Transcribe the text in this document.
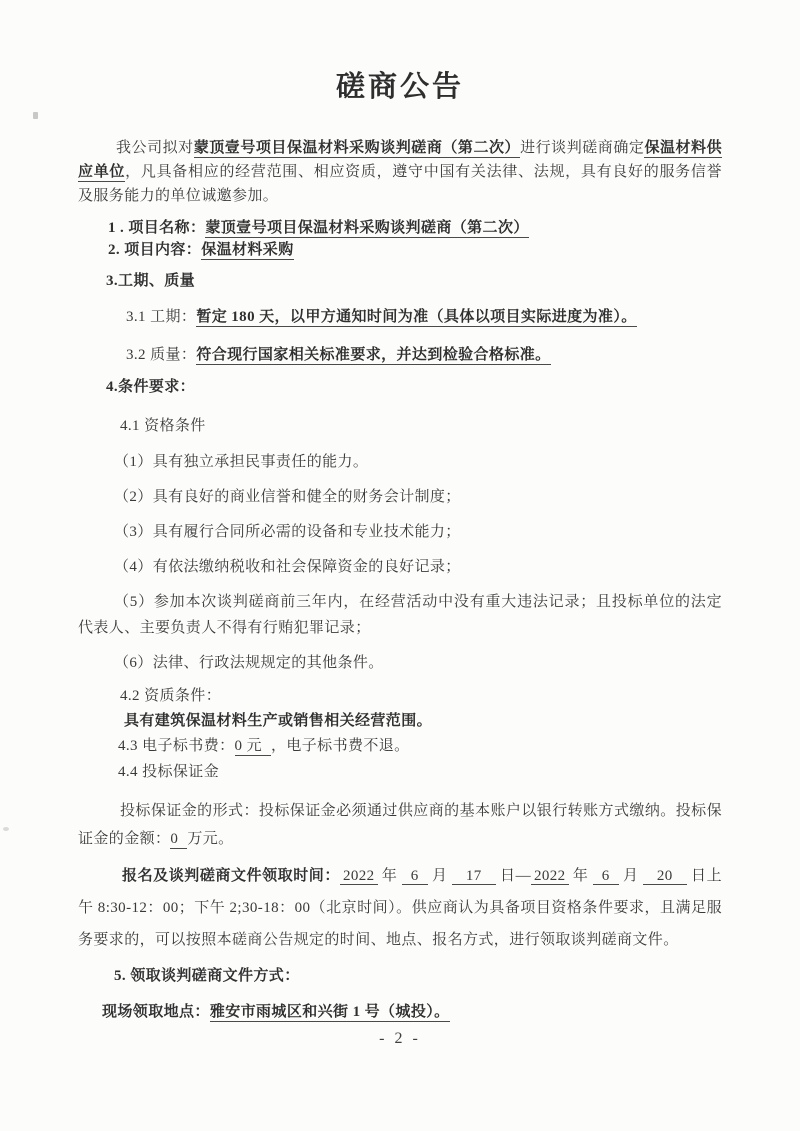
磋商公告

我公司拟对蒙顶壹号项目保温材料采购谈判磋商（第二次）进行谈判磋商确定保温材料供应单位，凡具备相应的经营范围、相应资质，遵守中国有关法律、法规，具有良好的服务信誉及服务能力的单位诚邀参加。

1 . 项目名称：蒙顶壹号项目保温材料采购谈判磋商（第二次）

2. 项目内容：保温材料采购

3.工期、质量

3.1 工期：暂定 180 天，以甲方通知时间为准（具体以项目实际进度为准）。

3.2 质量：符合现行国家相关标准要求，并达到检验合格标准。

4.条件要求：

4.1 资格条件

（1）具有独立承担民事责任的能力。

（2）具有良好的商业信誉和健全的财务会计制度；

（3）具有履行合同所必需的设备和专业技术能力；

（4）有依法缴纳税收和社会保障资金的良好记录；

（5）参加本次谈判磋商前三年内，在经营活动中没有重大违法记录；且投标单位的法定代表人、主要负责人不得有行贿犯罪记录；

（6）法律、行政法规规定的其他条件。

4.2 资质条件：

具有建筑保温材料生产或销售相关经营范围。

4.3 电子标书费：0 元 ，电子标书费不退。

4.4 投标保证金

投标保证金的形式：投标保证金必须通过供应商的基本账户以银行转账方式缴纳。投标保证金的金额：0 万元。

报名及谈判磋商文件领取时间： 2022 年 6 月 17 日— 2022 年 6 月 20 日上午 8:30-12：00；下午 2;30-18：00（北京时间）。供应商认为具备项目资格条件要求，且满足服务要求的，可以按照本磋商公告规定的时间、地点、报名方式，进行领取谈判磋商文件。

5. 领取谈判磋商文件方式：

现场领取地点：雅安市雨城区和兴街 1 号（城投）。

- 2 -
